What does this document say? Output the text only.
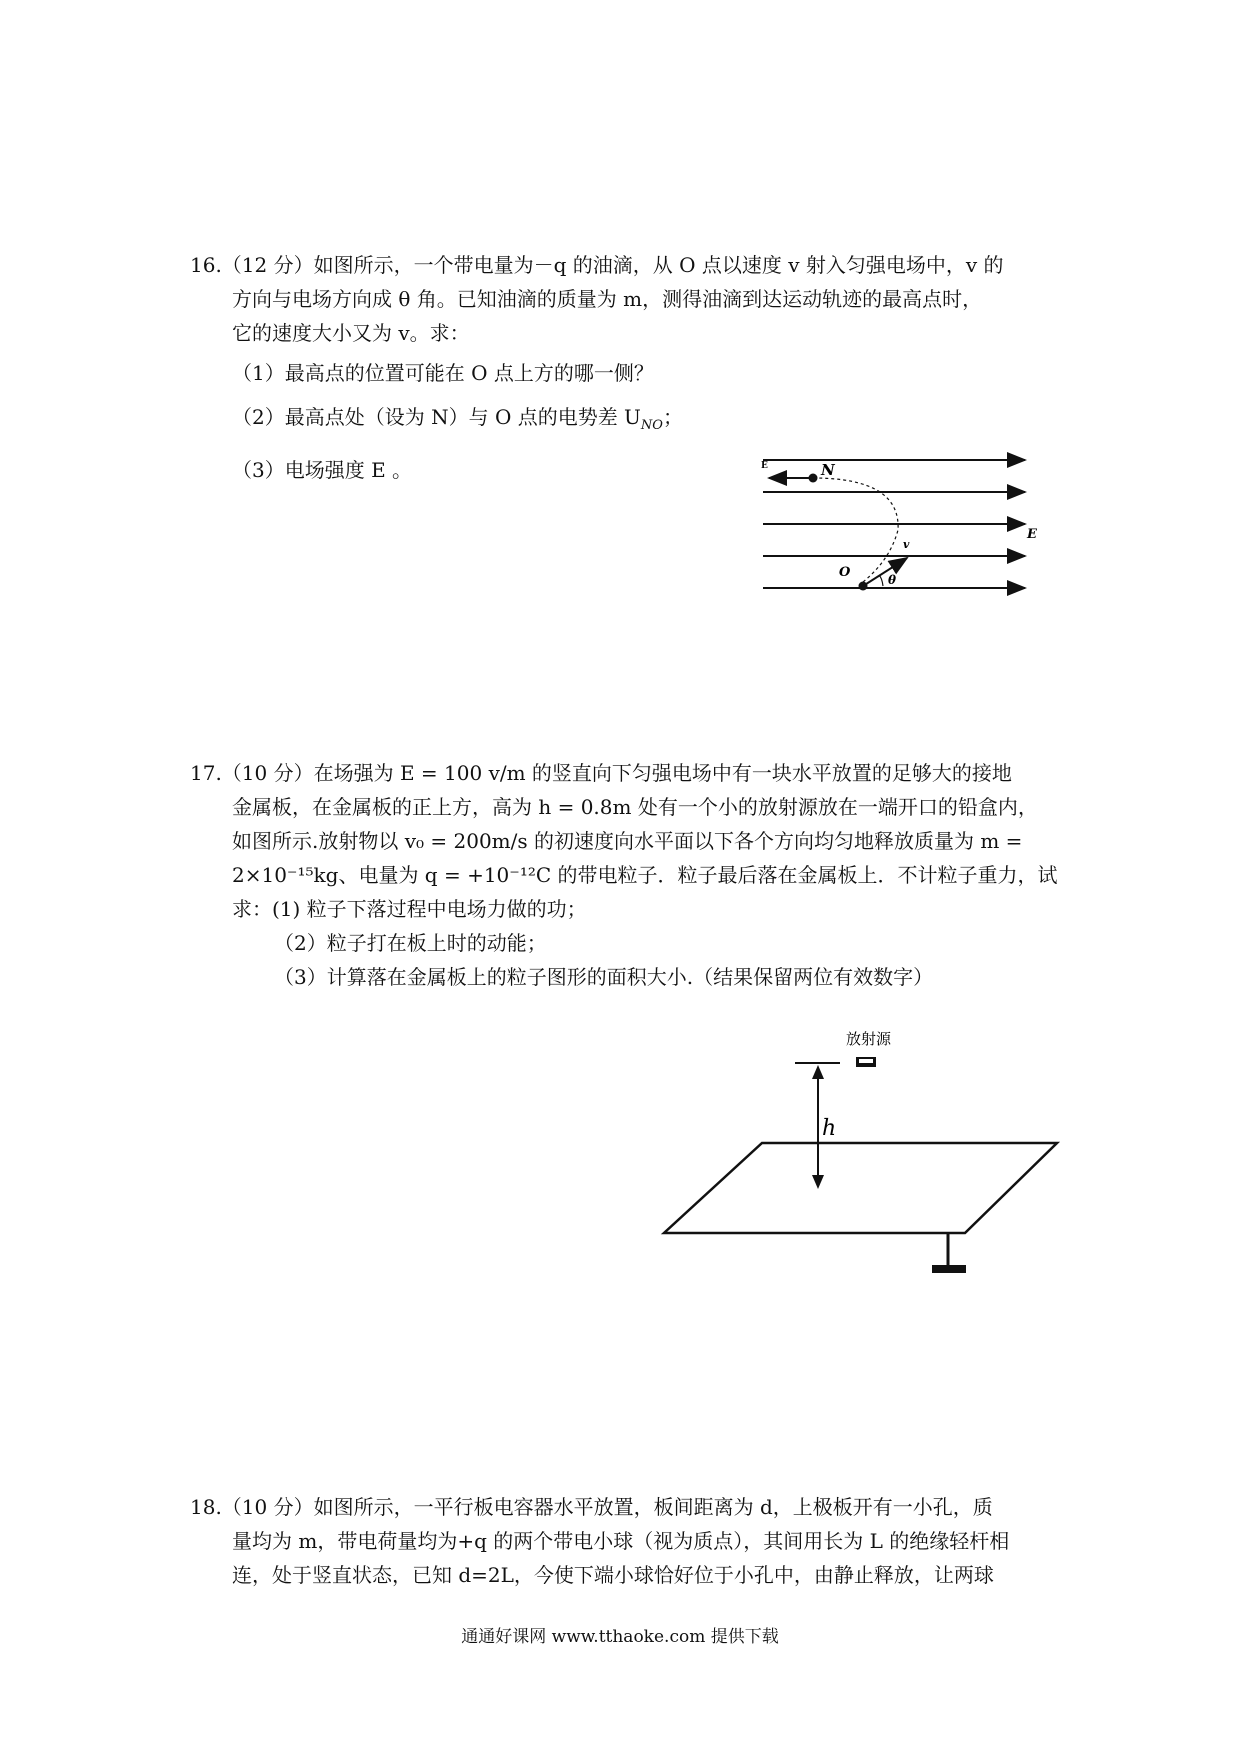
16.（12 分）如图所示，一个带电量为－q 的油滴，从 O 点以速度 v 射入匀强电场中，v 的
方向与电场方向成 θ 角。已知油滴的质量为 m，测得油滴到达运动轨迹的最高点时，
它的速度大小又为 v。求：
（1）最高点的位置可能在 O 点上方的哪一侧？
（2）最高点处（设为 N）与 O 点的电势差 $U_{NO}$；
（3）电场强度 E 。	E	N
E
O
v
θ
17.（10 分）在场强为 E = 100 v/m 的竖直向下匀强电场中有一块水平放置的足够大的接地
金属板，在金属板的正上方，高为 h = 0.8m 处有一个小的放射源放在一端开口的铅盒内，
如图所示.放射物以 v₀ = 200m/s 的初速度向水平面以下各个方向均匀地释放质量为 m =
2×10⁻¹⁵kg、电量为 q = +10⁻¹²C 的带电粒子．粒子最后落在金属板上．不计粒子重力，试
求：(1) 粒子下落过程中电场力做的功；
（2）粒子打在板上时的动能；
（3）计算落在金属板上的粒子图形的面积大小.（结果保留两位有效数字）
放射源
h
18.（10 分）如图所示，一平行板电容器水平放置，板间距离为 d，上极板开有一小孔，质
量均为 m，带电荷量均为+q 的两个带电小球（视为质点），其间用长为 L 的绝缘轻杆相
连，处于竖直状态，已知 d=2L，今使下端小球恰好位于小孔中，由静止释放，让两球
通通好课网 www.tthaoke.com 提供下载
